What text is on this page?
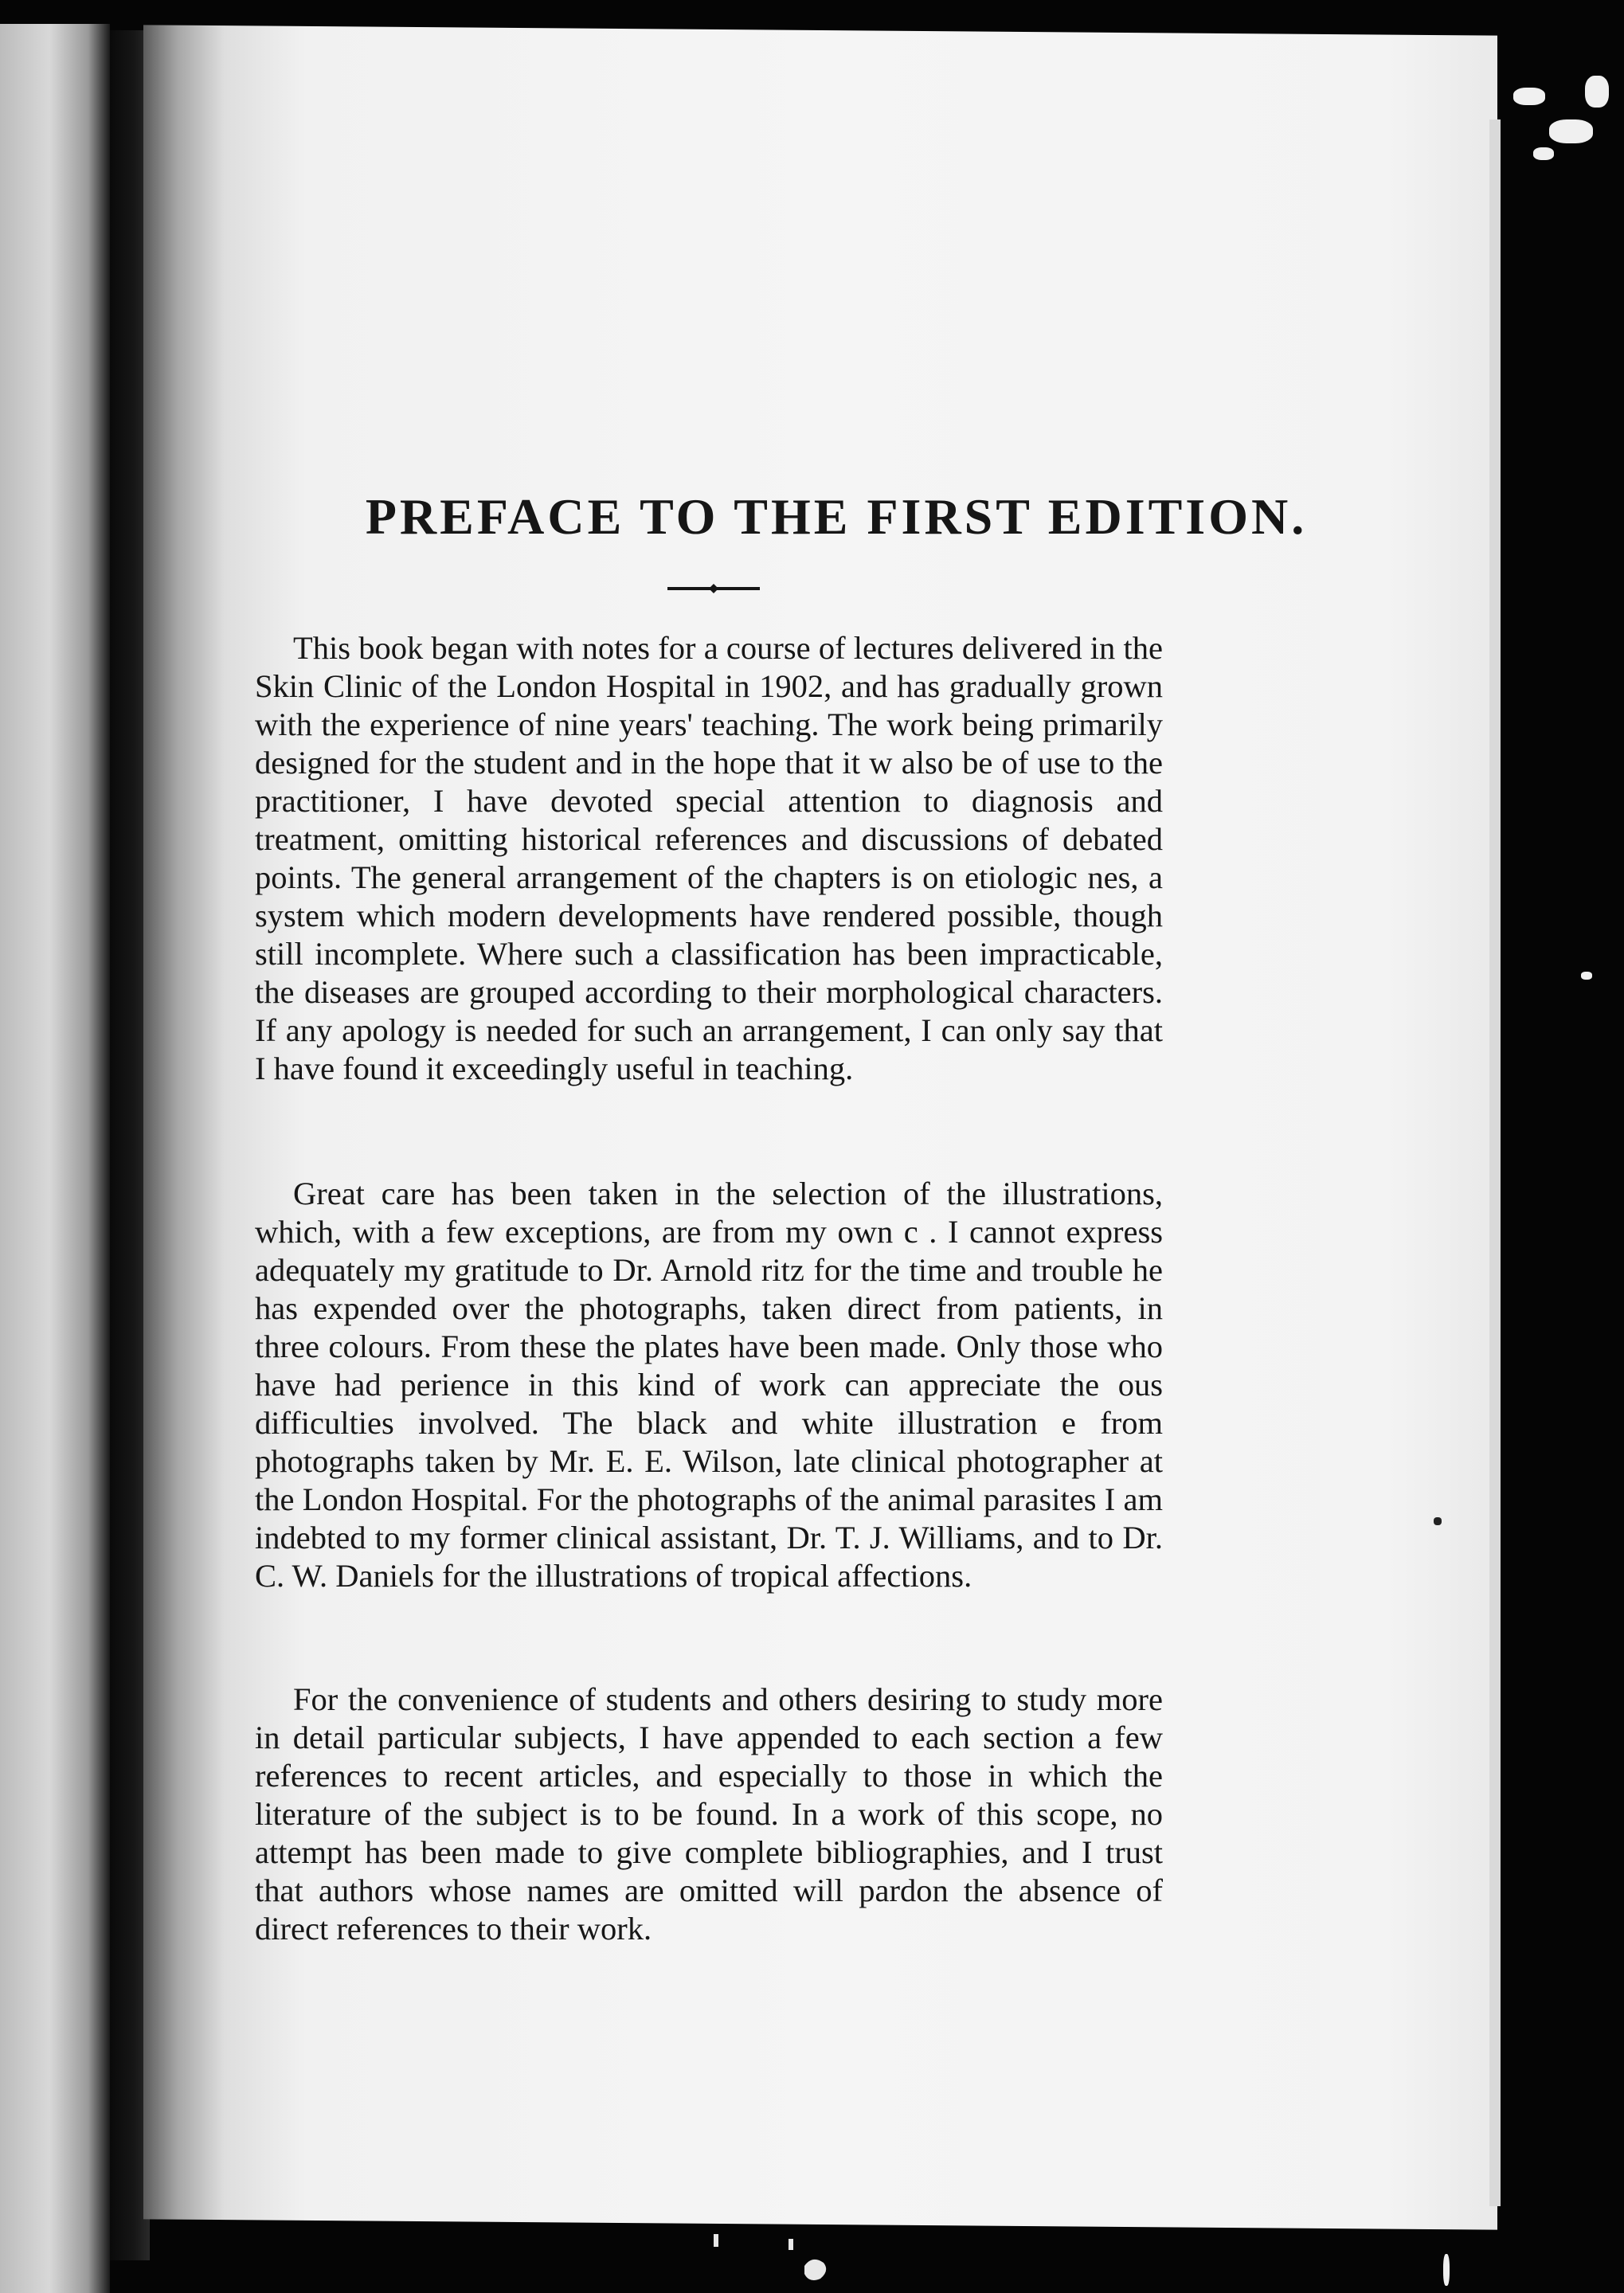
PREFACE TO THE FIRST EDITION.

This book began with notes for a course of lectures delivered in the Skin Clinic of the London Hospital in 1902, and has gradually grown with the experience of nine years' teaching. The work being primarily designed for the student and in the hope that it w also be of use to the practitioner, I have devoted special attention to diagnosis and treatment, omitting historical references and discussions of debated points. The general arrangement of the chapters is on etiologic nes, a system which modern developments have rendered possible, though still incomplete. Where such a classification has been impracticable, the diseases are grouped according to their morphological characters. If any apology is needed for such an arrangement, I can only say that I have found it exceedingly useful in teaching.

Great care has been taken in the selection of the illustrations, which, with a few exceptions, are from my own c . I cannot express adequately my gratitude to Dr. Arnold ritz for the time and trouble he has expended over the photographs, taken direct from patients, in three colours. From these the plates have been made. Only those who have had perience in this kind of work can appreciate the ous difficulties involved. The black and white illustration e from photographs taken by Mr. E. E. Wilson, late clinical photographer at the London Hospital. For the photographs of the animal parasites I am indebted to my former clinical assistant, Dr. T. J. Williams, and to Dr. C. W. Daniels for the illustrations of tropical affections.

For the convenience of students and others desiring to study more in detail particular subjects, I have appended to each section a few references to recent articles, and especially to those in which the literature of the subject is to be found. In a work of this scope, no attempt has been made to give complete bibliographies, and I trust that authors whose names are omitted will pardon the absence of direct references to their work.
